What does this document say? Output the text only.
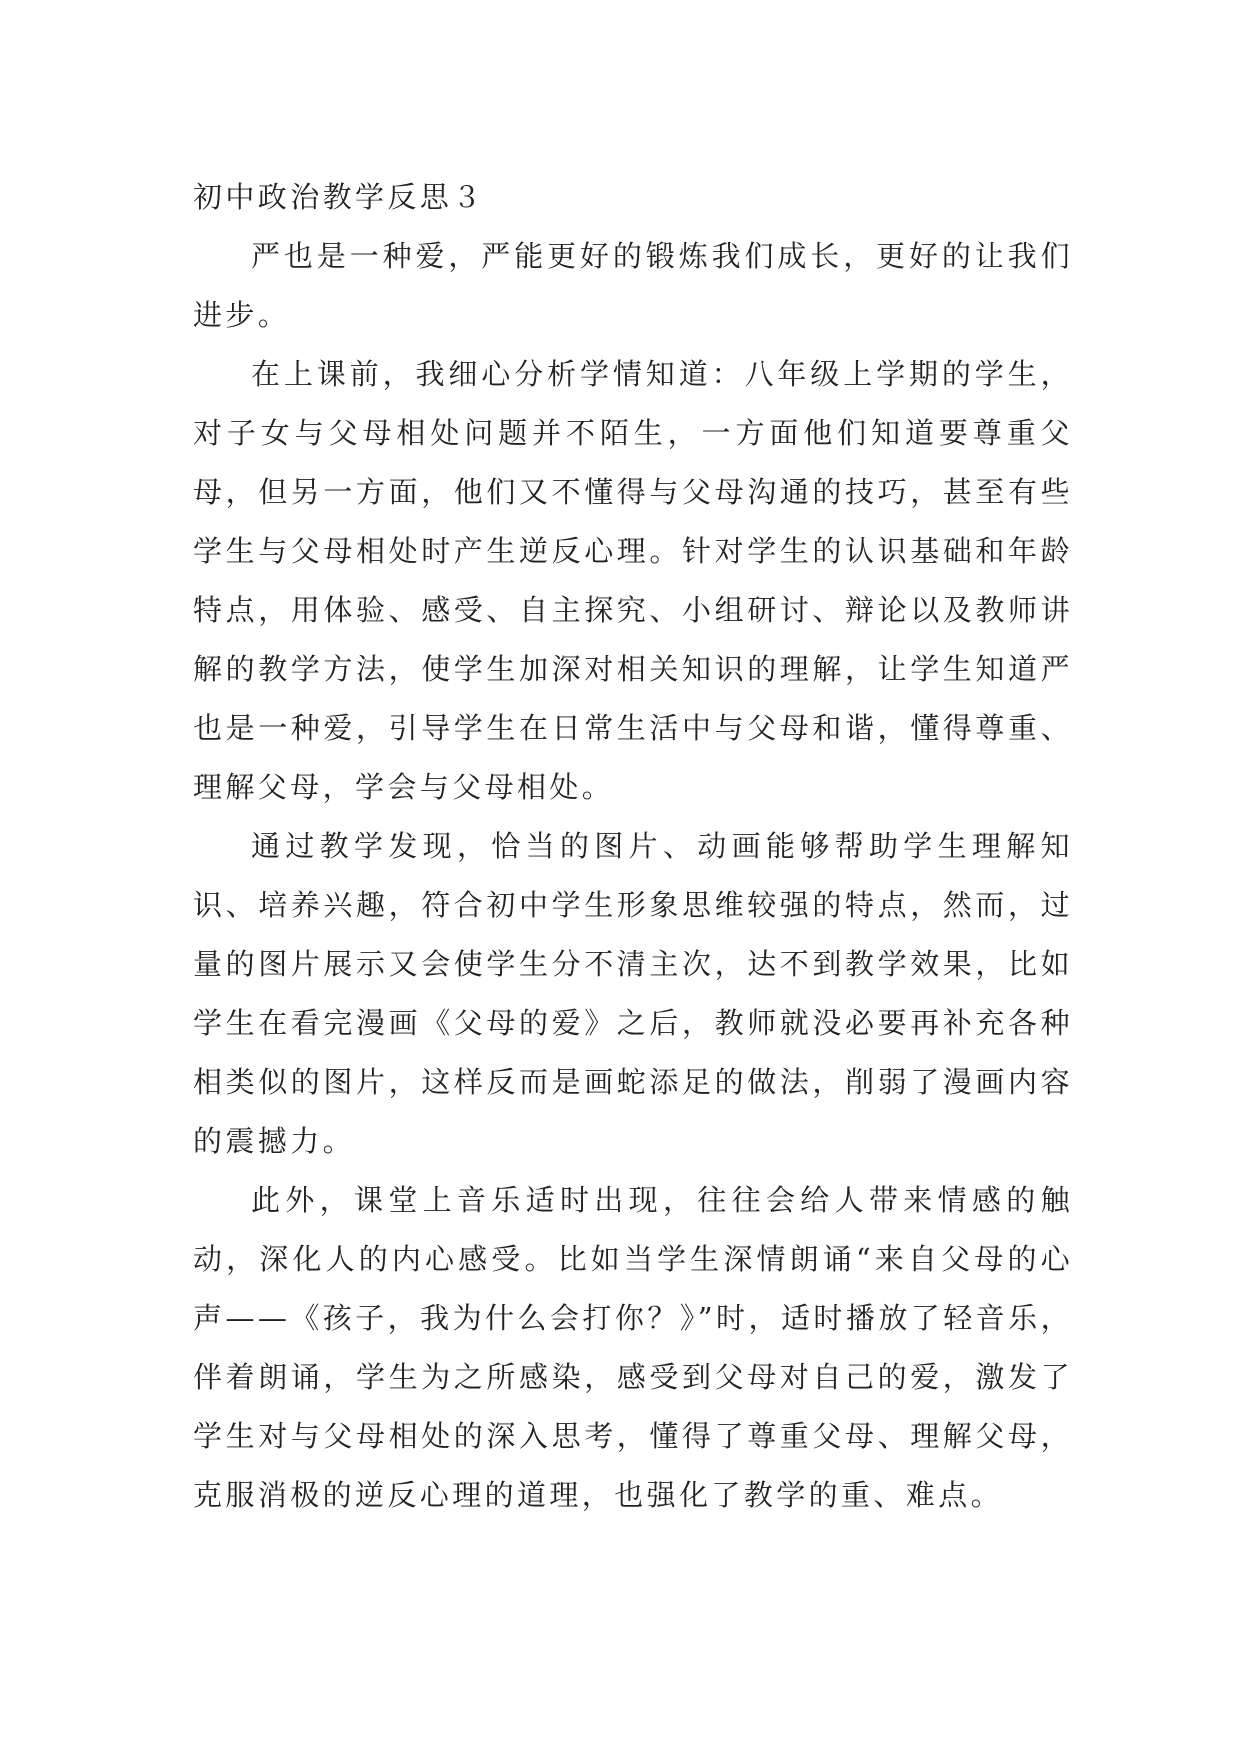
初中政治教学反思３

严也是一种爱，严能更好的锻炼我们成长，更好的让我们进步。

在上课前，我细心分析学情知道：八年级上学期的学生，对子女与父母相处问题并不陌生，一方面他们知道要尊重父母，但另一方面，他们又不懂得与父母沟通的技巧，甚至有些学生与父母相处时产生逆反心理。针对学生的认识基础和年龄特点，用体验、感受、自主探究、小组研讨、辩论以及教师讲解的教学方法，使学生加深对相关知识的理解，让学生知道严也是一种爱，引导学生在日常生活中与父母和谐，懂得尊重、理解父母，学会与父母相处。

通过教学发现，恰当的图片、动画能够帮助学生理解知识、培养兴趣，符合初中学生形象思维较强的特点，然而，过量的图片展示又会使学生分不清主次，达不到教学效果，比如学生在看完漫画《父母的爱》之后，教师就没必要再补充各种相类似的图片，这样反而是画蛇添足的做法，削弱了漫画内容的震撼力。

此外，课堂上音乐适时出现，往往会给人带来情感的触动，深化人的内心感受。比如当学生深情朗诵“来自父母的心声——《孩子，我为什么会打你？》”时，适时播放了轻音乐，伴着朗诵，学生为之所感染，感受到父母对自己的爱，激发了学生对与父母相处的深入思考，懂得了尊重父母、理解父母，克服消极的逆反心理的道理，也强化了教学的重、难点。
